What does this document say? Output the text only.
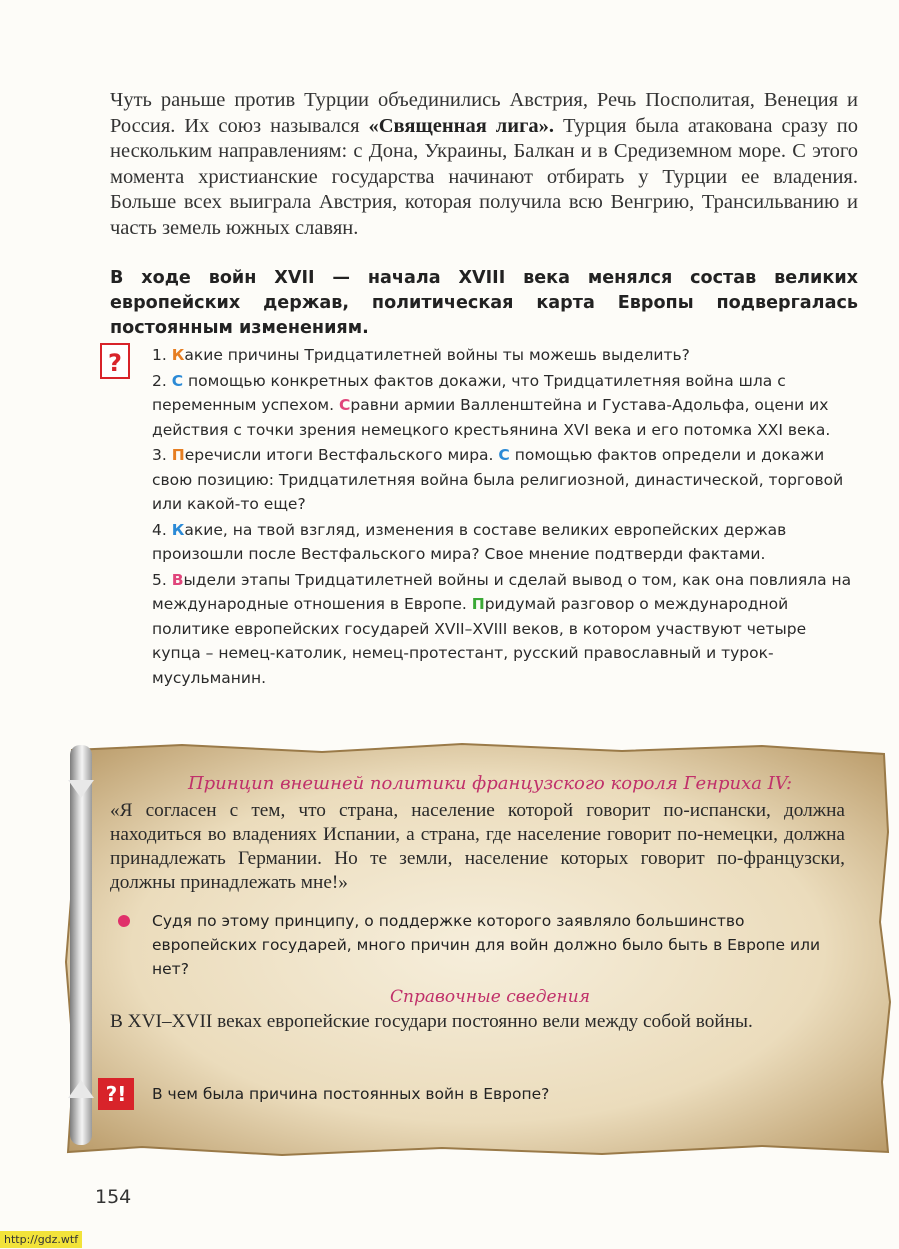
Чуть раньше против Турции объединились Австрия, Речь Посполитая, Венеция и Россия. Их союз назывался «Священная лига». Турция была атакована сразу по нескольким направлениям: с Дона, Украины, Балкан и в Средиземном море. С этого момента христианские государства начинают отбирать у Турции ее владения. Больше всех выиграла Австрия, которая получила всю Венгрию, Трансильванию и часть земель южных славян.
В ходе войн XVII — начала XVIII века менялся состав великих европейских держав, политическая карта Европы подвергалась постоянным изменениям.
?	1. Какие причины Тридцатилетней войны ты можешь выделить?

2. С помощью конкретных фактов докажи, что Тридцатилетняя война шла с переменным успехом. Сравни армии Валленштейна и Густава-Адольфа, оцени их действия с точки зрения немецкого крестьянина XVI века и его потомка XXI века.

3. Перечисли итоги Вестфальского мира. С помощью фактов определи и докажи свою позицию: Тридцатилетняя война была религиозной, династической, торговой или какой-то еще?

4. Какие, на твой взгляд, изменения в составе великих европейских держав произошли после Вестфальского мира? Свое мнение подтверди фактами.

5. Выдели этапы Тридцатилетней войны и сделай вывод о том, как она повлияла на международные отношения в Европе. Придумай разговор о международной политике европейских государей XVII–XVIII веков, в котором участвуют четыре купца – немец-католик, немец-протестант, русский православный и турок-мусульманин.

Принцип внешней политики французского короля Генриха IV:
«Я согласен с тем, что страна, население которой говорит по-испански, должна находиться во владениях Испании, а страна, где население говорит по-немецки, должна принадлежать Германии. Но те земли, население которых говорит по-французски, должны принадлежать мне!»
Судя по этому принципу, о поддержке которого заявляло большинство европейских государей, много причин для войн должно было быть в Европе или нет?
Справочные сведения
В XVI–XVII веках европейские государи постоянно вели между собой войны.
?!	В чем была причина постоянных войн в Европе?
154
http://gdz.wtf
